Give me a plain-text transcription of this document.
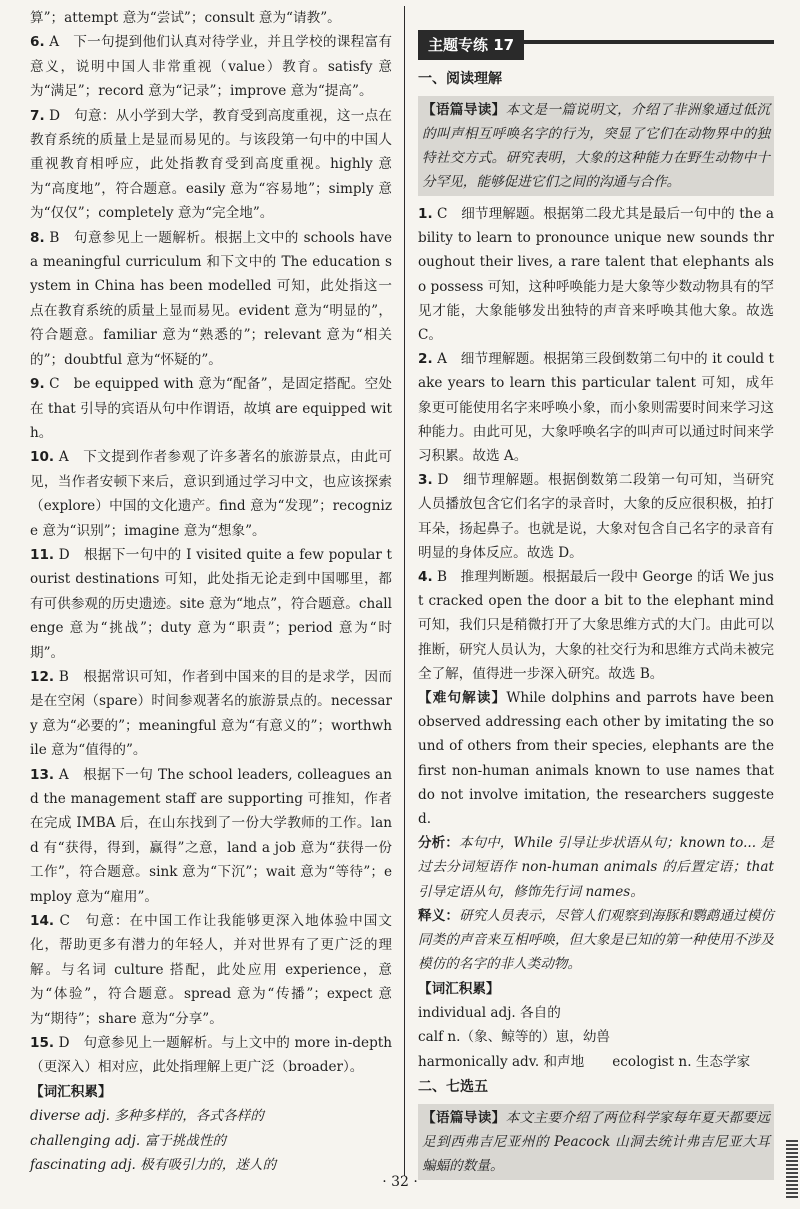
算”；attempt 意为“尝试”；consult 意为“请教”。

6. A　下一句提到他们认真对待学业，并且学校的课程富有意义，说明中国人非常重视（value）教育。satisfy 意为“满足”；record 意为“记录”；improve 意为“提高”。

7. D　句意：从小学到大学，教育受到高度重视，这一点在教育系统的质量上是显而易见的。与该段第一句中的中国人重视教育相呼应，此处指教育受到高度重视。highly 意为“高度地”，符合题意。easily 意为“容易地”；simply 意为“仅仅”；completely 意为“完全地”。

8. B　句意参见上一题解析。根据上文中的 schools have a meaningful curriculum 和下文中的 The education system in China has been modelled 可知，此处指这一点在教育系统的质量上显而易见。evident 意为“明显的”，符合题意。familiar 意为“熟悉的”；relevant 意为“相关的”；doubtful 意为“怀疑的”。

9. C　be equipped with 意为“配备”，是固定搭配。空处在 that 引导的宾语从句中作谓语，故填 are equipped with。

10. A　下文提到作者参观了许多著名的旅游景点，由此可见，当作者安顿下来后，意识到通过学习中文，也应该探索（explore）中国的文化遗产。find 意为“发现”；recognize 意为“识别”；imagine 意为“想象”。

11. D　根据下一句中的 I visited quite a few popular tourist destinations 可知，此处指无论走到中国哪里，都有可供参观的历史遗迹。site 意为“地点”，符合题意。challenge 意为“挑战”；duty 意为“职责”；period 意为“时期”。

12. B　根据常识可知，作者到中国来的目的是求学，因而是在空闲（spare）时间参观著名的旅游景点的。necessary 意为“必要的”；meaningful 意为“有意义的”；worthwhile 意为“值得的”。

13. A　根据下一句 The school leaders, colleagues and the management staff are supporting 可推知，作者在完成 IMBA 后，在山东找到了一份大学教师的工作。land 有“获得，得到，赢得”之意，land a job 意为“获得一份工作”，符合题意。sink 意为“下沉”；wait 意为“等待”；employ 意为“雇用”。

14. C　句意：在中国工作让我能够更深入地体验中国文化，帮助更多有潜力的年轻人，并对世界有了更广泛的理解。与名词 culture 搭配，此处应用 experience，意为“体验”，符合题意。spread 意为“传播”；expect 意为“期待”；share 意为“分享”。

15. D　句意参见上一题解析。与上文中的 more in-depth（更深入）相对应，此处指理解上更广泛（broader）。

【词汇积累】

diverse adj. 多种多样的，各式各样的

challenging adj. 富于挑战性的

fascinating adj. 极有吸引力的，迷人的

主题专练 17

一、阅读理解

【语篇导读】本文是一篇说明文，介绍了非洲象通过低沉的叫声相互呼唤名字的行为，突显了它们在动物界中的独特社交方式。研究表明，大象的这种能力在野生动物中十分罕见，能够促进它们之间的沟通与合作。

1. C　细节理解题。根据第二段尤其是最后一句中的 the ability to learn to pronounce unique new sounds throughout their lives, a rare talent that elephants also possess 可知，这种呼唤能力是大象等少数动物具有的罕见才能，大象能够发出独特的声音来呼唤其他大象。故选 C。

2. A　细节理解题。根据第三段倒数第二句中的 it could take years to learn this particular talent 可知，成年象更可能使用名字来呼唤小象，而小象则需要时间来学习这种能力。由此可见，大象呼唤名字的叫声可以通过时间来学习积累。故选 A。

3. D　细节理解题。根据倒数第二段第一句可知，当研究人员播放包含它们名字的录音时，大象的反应很积极，拍打耳朵，扬起鼻子。也就是说，大象对包含自己名字的录音有明显的身体反应。故选 D。

4. B　推理判断题。根据最后一段中 George 的话 We just cracked open the door a bit to the elephant mind 可知，我们只是稍微打开了大象思维方式的大门。由此可以推断，研究人员认为，大象的社交行为和思维方式尚未被完全了解，值得进一步深入研究。故选 B。

【难句解读】While dolphins and parrots have been observed addressing each other by imitating the sound of others from their species, elephants are the first non-human animals known to use names that do not involve imitation, the researchers suggested.

分析：本句中，While 引导让步状语从句；known to... 是过去分词短语作 non-human animals 的后置定语；that 引导定语从句，修饰先行词 names。

释义：研究人员表示，尽管人们观察到海豚和鹦鹉通过模仿同类的声音来互相呼唤，但大象是已知的第一种使用不涉及模仿的名字的非人类动物。

【词汇积累】

individual adj. 各自的

calf n.（象、鲸等的）崽，幼兽

harmonically adv. 和声地 ecologist n. 生态学家

二、七选五

【语篇导读】本文主要介绍了两位科学家每年夏天都要远足到西弗吉尼亚州的 Peacock 山洞去统计弗吉尼亚大耳蝙蝠的数量。

· 32 ·
